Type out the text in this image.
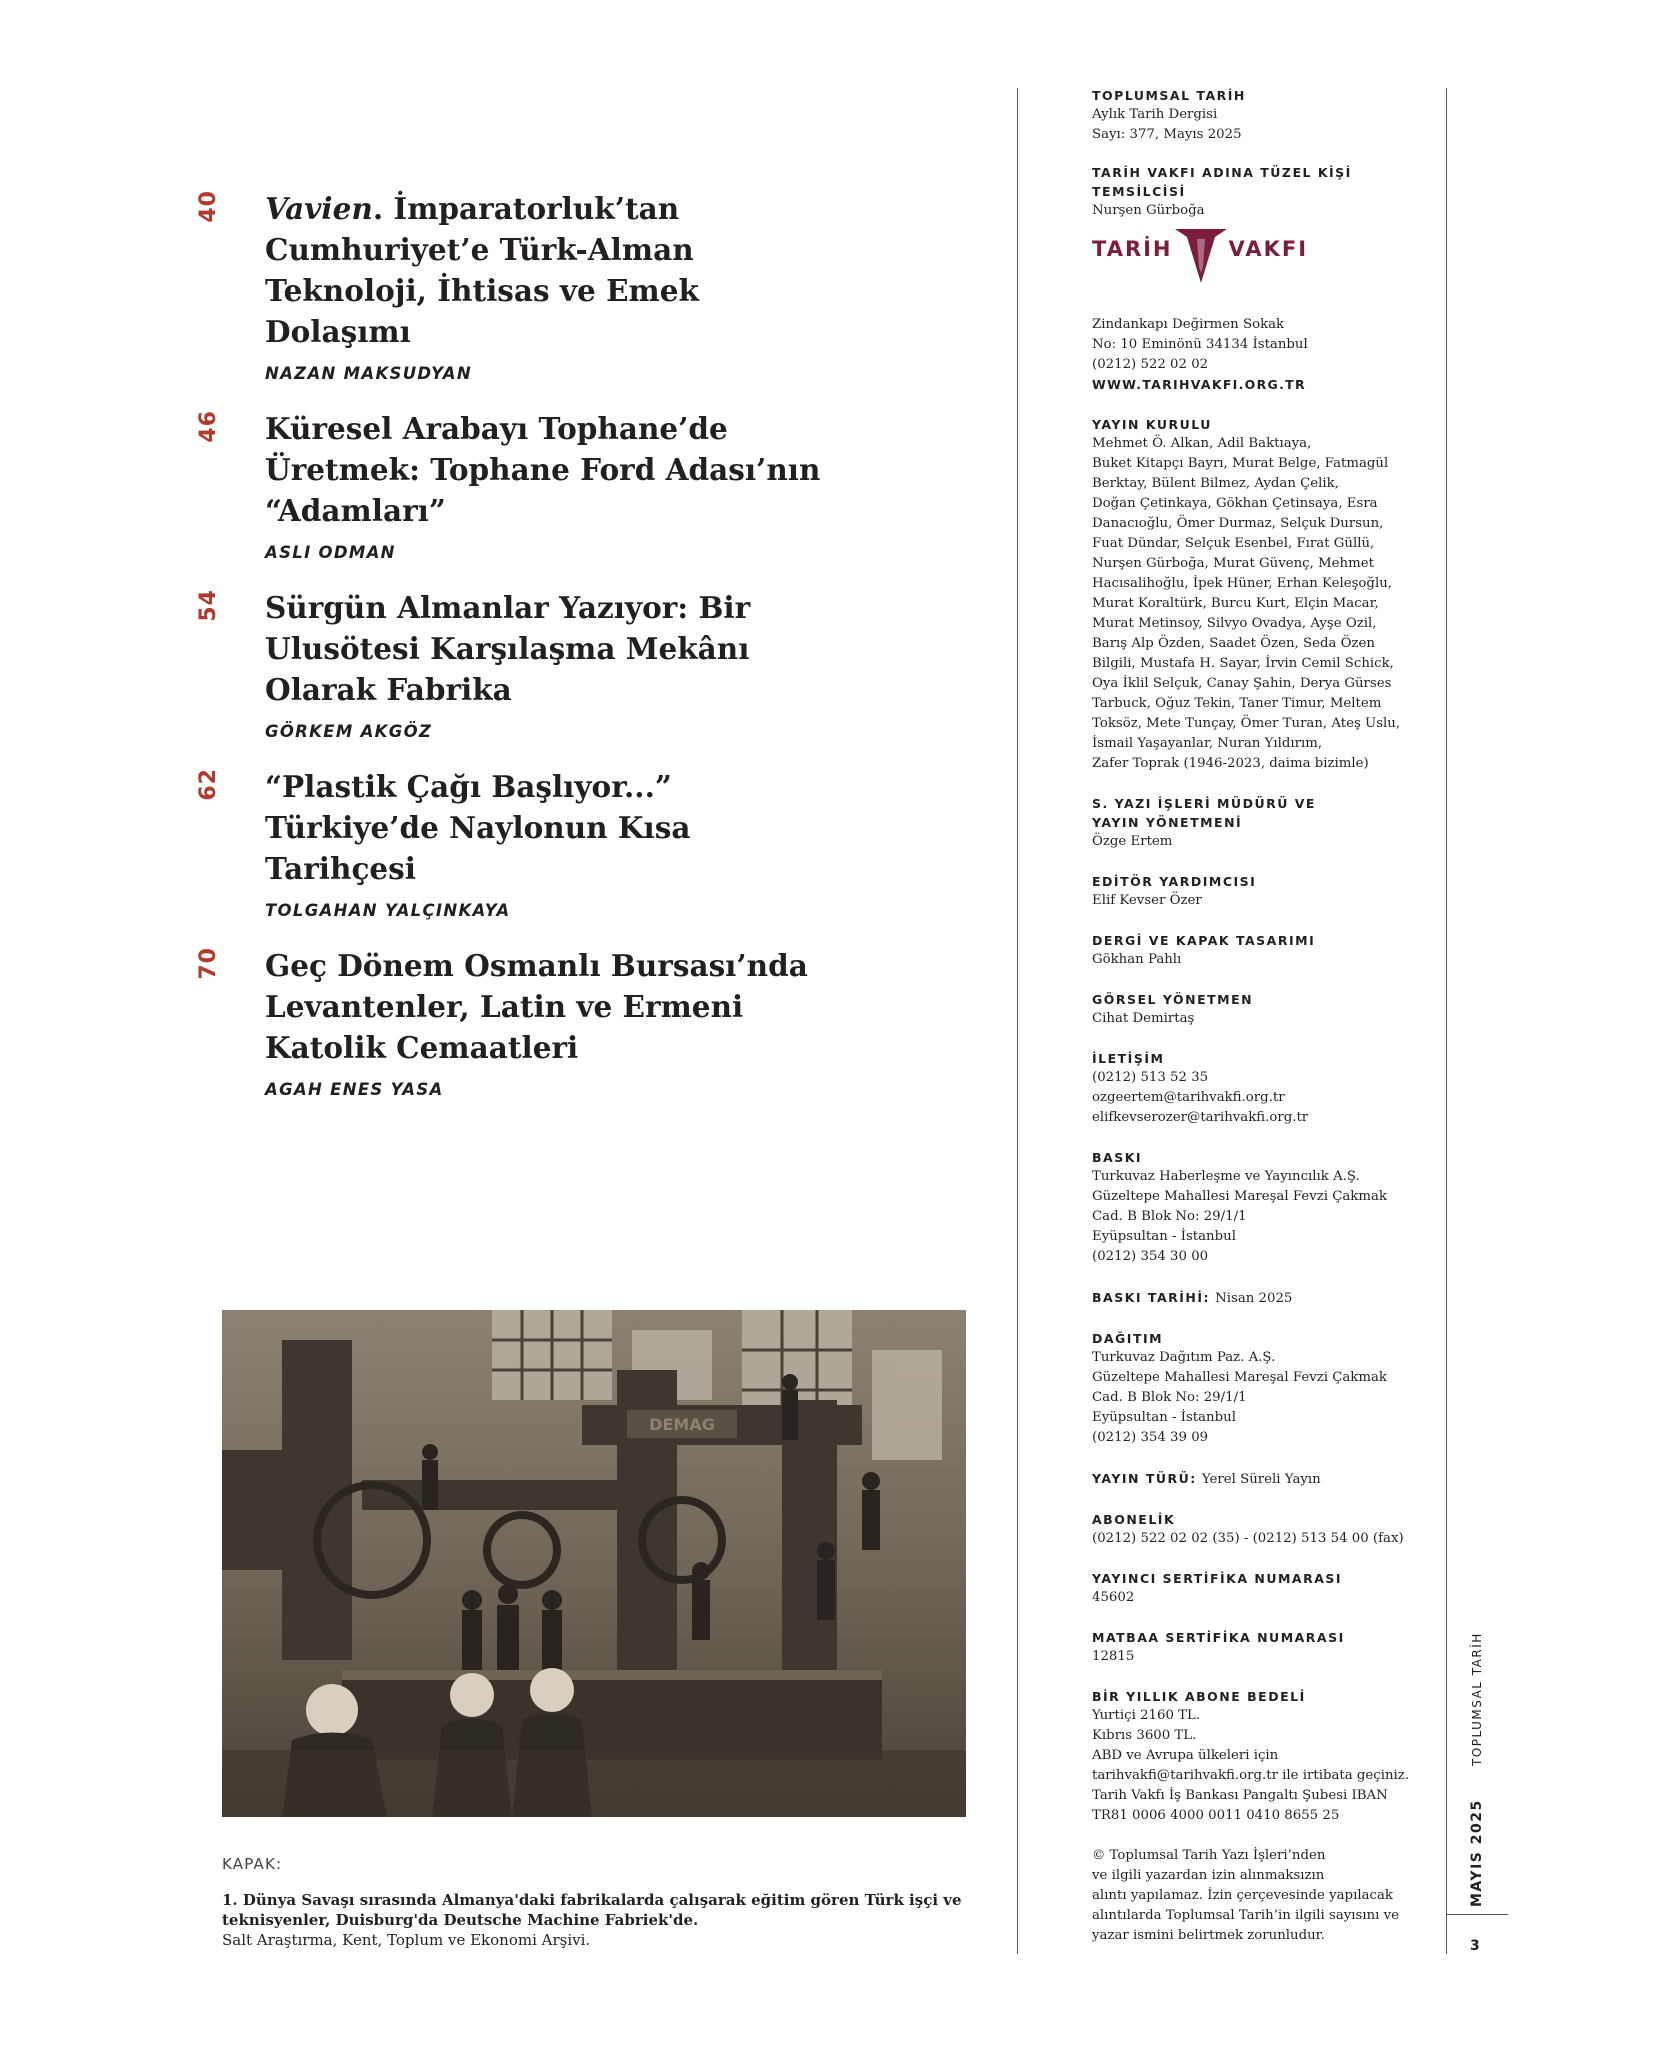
40 Vavien. İmparatorluk’tan Cumhuriyet’e Türk-Alman Teknoloji, İhtisas ve Emek Dolaşımı
NAZAN MAKSUDYAN
46 Küresel Arabayı Tophane’de Üretmek: Tophane Ford Adası’nın “Adamları”
ASLI ODMAN
54 Sürgün Almanlar Yazıyor: Bir Ulusötesi Karşılaşma Mekânı Olarak Fabrika
GÖRKEM AKGÖZ
62 “Plastik Çağı Başlıyor...” Türkiye’de Naylonun Kısa Tarihçesi
TOLGAHAN YALÇINKAYA
70 Geç Dönem Osmanlı Bursası’nda Levantenler, Latin ve Ermeni Katolik Cemaatleri
AGAH ENES YASA
DEMAG
KAPAK:
1. Dünya Savaşı sırasında Almanya'daki fabrikalarda çalışarak eğitim gören Türk işçi ve teknisyenler, Duisburg'da Deutsche Machine Fabriek'de.
Salt Araştırma, Kent, Toplum ve Ekonomi Arşivi.
TOPLUMSAL TARİH
Aylık Tarih Dergisi
Sayı: 377, Mayıs 2025
TARİH VAKFI ADINA TÜZEL KİŞİ
TEMSİLCİSİ
Nurşen Gürboğa
TARİH	VAKFI
Zindankapı Değirmen Sokak
No: 10 Eminönü 34134 İstanbul
(0212) 522 02 02
WWW.TARIHVAKFI.ORG.TR
YAYIN KURULU
Mehmet Ö. Alkan, Adil Baktıaya,
Buket Kitapçı Bayrı, Murat Belge, Fatmagül
Berktay, Bülent Bilmez, Aydan Çelik,
Doğan Çetinkaya, Gökhan Çetinsaya, Esra
Danacıoğlu, Ömer Durmaz, Selçuk Dursun,
Fuat Dündar, Selçuk Esenbel, Fırat Güllü,
Nurşen Gürboğa, Murat Güvenç, Mehmet
Hacısalihoğlu, İpek Hüner, Erhan Keleşoğlu,
Murat Koraltürk, Burcu Kurt, Elçin Macar,
Murat Metinsoy, Silvyo Ovadya, Ayşe Ozil,
Barış Alp Özden, Saadet Özen, Seda Özen
Bilgili, Mustafa H. Sayar, İrvin Cemil Schick,
Oya İklil Selçuk, Canay Şahin, Derya Gürses
Tarbuck, Oğuz Tekin, Taner Timur, Meltem
Toksöz, Mete Tunçay, Ömer Turan, Ateş Uslu,
İsmail Yaşayanlar, Nuran Yıldırım,
Zafer Toprak (1946-2023, daima bizimle)
S. YAZI İŞLERİ MÜDÜRÜ VE
YAYIN YÖNETMENİ
Özge Ertem
EDİTÖR YARDIMCISI
Elif Kevser Özer
DERGİ VE KAPAK TASARIMI
Gökhan Pahlı
GÖRSEL YÖNETMEN
Cihat Demirtaş
İLETİŞİM
(0212) 513 52 35
ozgeertem@tarihvakfi.org.tr
elifkevserozer@tarihvakfi.org.tr
BASKI
Turkuvaz Haberleşme ve Yayıncılık A.Ş.
Güzeltepe Mahallesi Mareşal Fevzi Çakmak
Cad. B Blok No: 29/1/1
Eyüpsultan - İstanbul
(0212) 354 30 00
BASKI TARİHİ: Nisan 2025
DAĞITIM
Turkuvaz Dağıtım Paz. A.Ş.
Güzeltepe Mahallesi Mareşal Fevzi Çakmak
Cad. B Blok No: 29/1/1
Eyüpsultan - İstanbul
(0212) 354 39 09
YAYIN TÜRÜ: Yerel Süreli Yayın
ABONELİK
(0212) 522 02 02 (35) - (0212) 513 54 00 (fax)
YAYINCI SERTİFİKA NUMARASI
45602
MATBAA SERTİFİKA NUMARASI
12815
BİR YILLIK ABONE BEDELİ
Yurtiçi 2160 TL.
Kıbrıs 3600 TL.
ABD ve Avrupa ülkeleri için
tarihvakfi@tarihvakfi.org.tr ile irtibata geçiniz.
Tarih Vakfı İş Bankası Pangaltı Şubesi IBAN
TR81 0006 4000 0011 0410 8655 25
© Toplumsal Tarih Yazı İşleri’nden
ve ilgili yazardan izin alınmaksızın
alıntı yapılamaz. İzin çerçevesinde yapılacak
alıntılarda Toplumsal Tarih’in ilgili sayısını ve
yazar ismini belirtmek zorunludur.
MAYIS 2025
TOPLUMSAL TARİH
3
